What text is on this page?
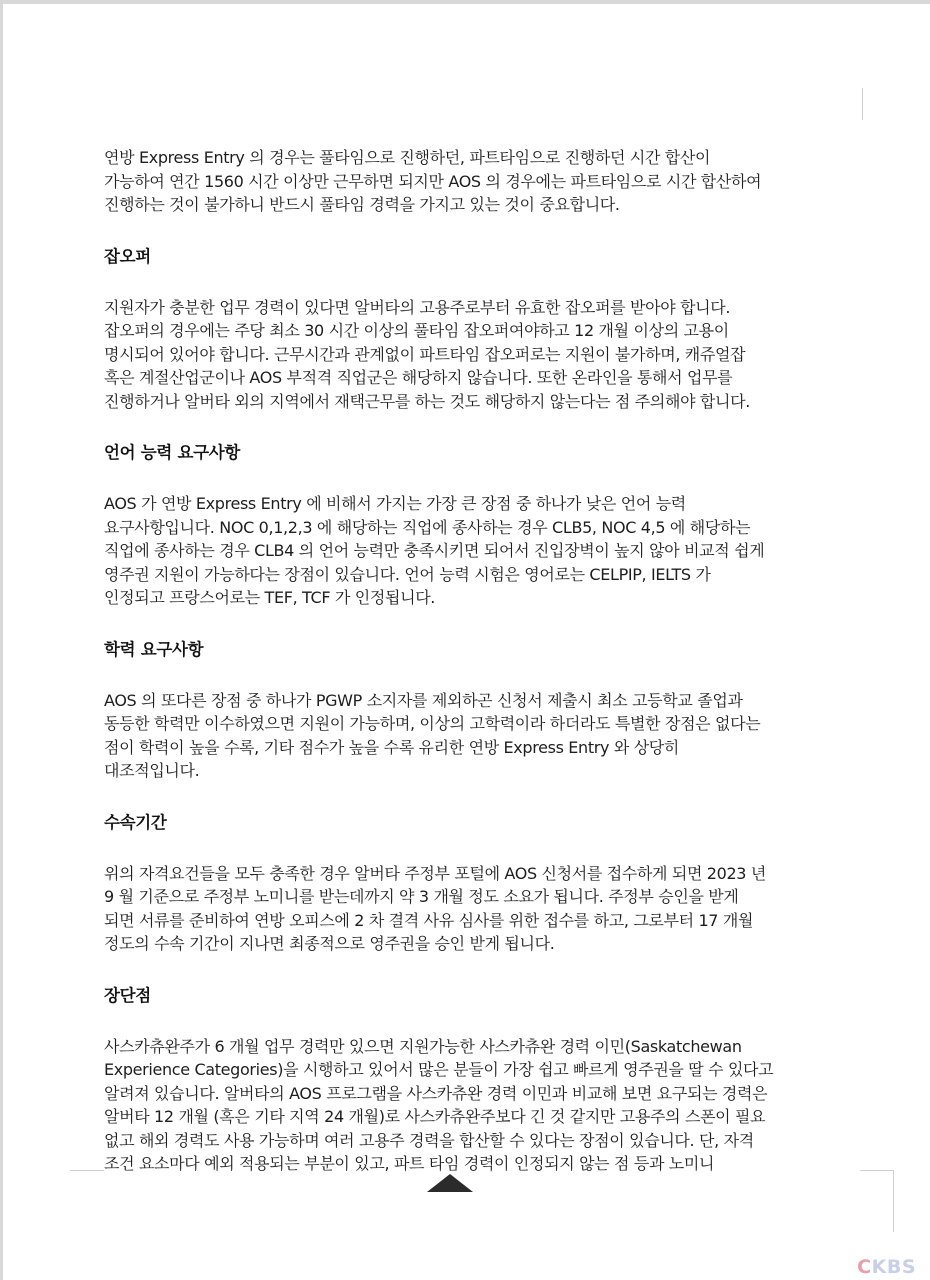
연방 Express Entry 의 경우는 풀타임으로 진행하던, 파트타임으로 진행하던 시간 합산이
가능하여 연간 1560 시간 이상만 근무하면 되지만 AOS 의 경우에는 파트타임으로 시간 합산하여
진행하는 것이 불가하니 반드시 풀타임 경력을 가지고 있는 것이 중요합니다.

잡오퍼

지원자가 충분한 업무 경력이 있다면 알버타의 고용주로부터 유효한 잡오퍼를 받아야 합니다.
잡오퍼의 경우에는 주당 최소 30 시간 이상의 풀타임 잡오퍼여야하고 12 개월 이상의 고용이
명시되어 있어야 합니다. 근무시간과 관계없이 파트타임 잡오퍼로는 지원이 불가하며, 캐쥬얼잡
혹은 계절산업군이나 AOS 부적격 직업군은 해당하지 않습니다. 또한 온라인을 통해서 업무를
진행하거나 알버타 외의 지역에서 재택근무를 하는 것도 해당하지 않는다는 점 주의해야 합니다.

언어 능력 요구사항

AOS 가 연방 Express Entry 에 비해서 가지는 가장 큰 장점 중 하나가 낮은 언어 능력
요구사항입니다. NOC 0,1,2,3 에 해당하는 직업에 종사하는 경우 CLB5, NOC 4,5 에 해당하는
직업에 종사하는 경우 CLB4 의 언어 능력만 충족시키면 되어서 진입장벽이 높지 않아 비교적 쉽게
영주권 지원이 가능하다는 장점이 있습니다. 언어 능력 시험은 영어로는 CELPIP, IELTS 가
인정되고 프랑스어로는 TEF, TCF 가 인정됩니다.

학력 요구사항

AOS 의 또다른 장점 중 하나가 PGWP 소지자를 제외하곤 신청서 제출시 최소 고등학교 졸업과
동등한 학력만 이수하였으면 지원이 가능하며, 이상의 고학력이라 하더라도 특별한 장점은 없다는
점이 학력이 높을 수록, 기타 점수가 높을 수록 유리한 연방 Express Entry 와 상당히
대조적입니다.

수속기간

위의 자격요건들을 모두 충족한 경우 알버타 주정부 포털에 AOS 신청서를 접수하게 되면 2023 년
9 월 기준으로 주정부 노미니를 받는데까지 약 3 개월 정도 소요가 됩니다. 주정부 승인을 받게
되면 서류를 준비하여 연방 오피스에 2 차 결격 사유 심사를 위한 접수를 하고, 그로부터 17 개월
정도의 수속 기간이 지나면 최종적으로 영주권을 승인 받게 됩니다.

장단점

사스카츄완주가 6 개월 업무 경력만 있으면 지원가능한 사스카츄완 경력 이민(Saskatchewan
Experience Categories)을 시행하고 있어서 많은 분들이 가장 쉽고 빠르게 영주권을 딸 수 있다고
알려져 있습니다. 알버타의 AOS 프로그램을 사스카츄완 경력 이민과 비교해 보면 요구되는 경력은
알버타 12 개월 (혹은 기타 지역 24 개월)로 사스카츄완주보다 긴 것 같지만 고용주의 스폰이 필요
없고 해외 경력도 사용 가능하며 여러 고용주 경력을 합산할 수 있다는 장점이 있습니다. 단, 자격
조건 요소마다 예외 적용되는 부분이 있고, 파트 타임 경력이 인정되지 않는 점 등과 노미니

CKBS
